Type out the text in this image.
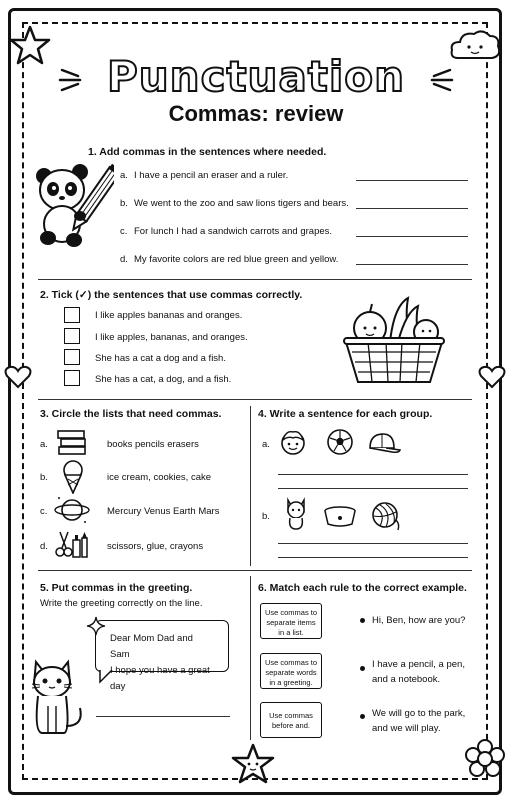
Punctuation
Commas: review
1. Add commas in the sentences where needed.
a. I have a pencil an eraser and a ruler.
b. We went to the zoo and saw lions tigers and bears.
c. For lunch I had a sandwich carrots and grapes.
d. My favorite colors are red blue green and yellow.
2. Tick (✓) the sentences that use commas correctly.
I like apples bananas and oranges.
I like apples, bananas, and oranges.
She has a cat a dog and a fish.
She has a cat, a dog, and a fish.
3. Circle the lists that need commas.
a.	books pencils erasers
b.	ice cream, cookies, cake
c.	Mercury Venus Earth Mars
d.	scissors, glue, crayons
4. Write a sentence for each group.
a.
b.
5. Put commas in the greeting.
Write the greeting correctly on the line.
Dear Mom Dad and Sam
I hope you have a great day
6. Match each rule to the correct example.
Use commas to separate items in a list.
Use commas to separate words in a greeting.
Use commas before and.
Hi, Ben, how are you?
I have a pencil, a pen, and a notebook.
We will go to the park, and we will play.
